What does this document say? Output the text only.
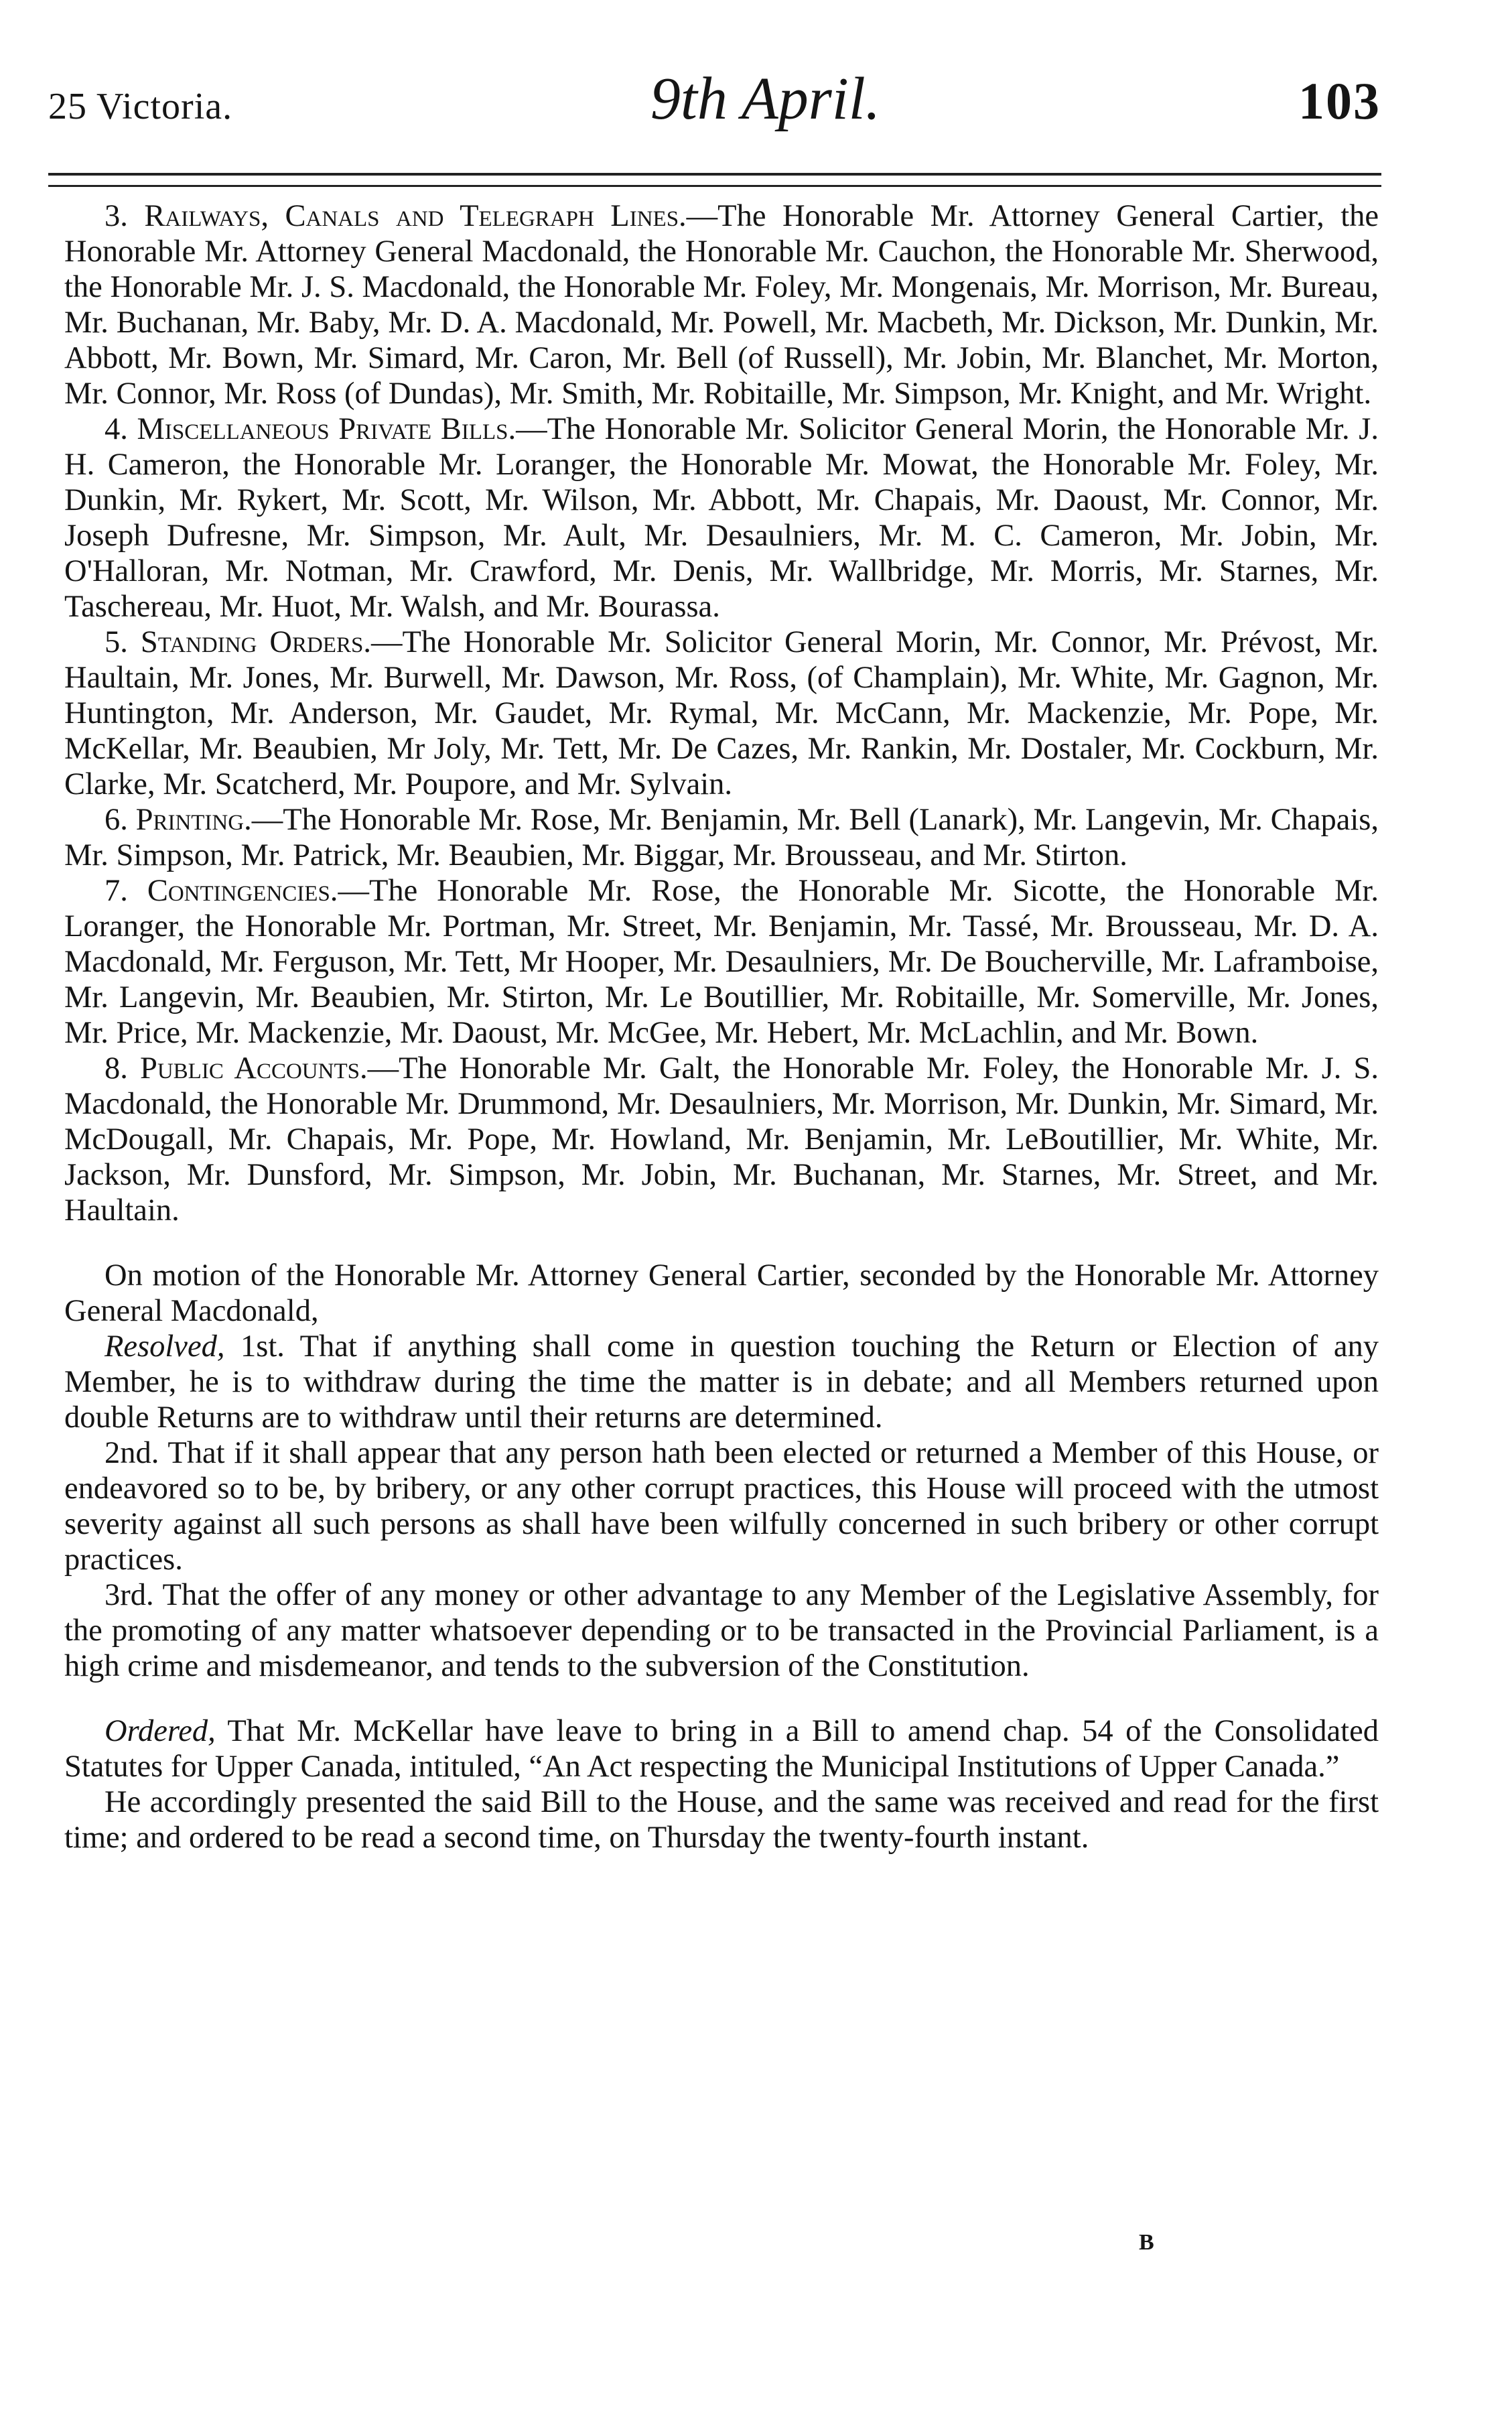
25 Victoria.	9th April.	103

3. Railways, Canals and Telegraph Lines.—The Honorable Mr. Attorney General Cartier, the Honorable Mr. Attorney General Macdonald, the Honorable Mr. Cauchon, the Honorable Mr. Sherwood, the Honorable Mr. J. S. Macdonald, the Honorable Mr. Foley, Mr. Mongenais, Mr. Morrison, Mr. Bureau, Mr. Buchanan, Mr. Baby, Mr. D. A. Macdonald, Mr. Powell, Mr. Macbeth, Mr. Dickson, Mr. Dunkin, Mr. Abbott, Mr. Bown, Mr. Simard, Mr. Caron, Mr. Bell (of Russell), Mr. Jobin, Mr. Blanchet, Mr. Morton, Mr. Connor, Mr. Ross (of Dundas), Mr. Smith, Mr. Robitaille, Mr. Simpson, Mr. Knight, and Mr. Wright.

4. Miscellaneous Private Bills.—The Honorable Mr. Solicitor General Morin, the Honorable Mr. J. H. Cameron, the Honorable Mr. Loranger, the Honorable Mr. Mowat, the Honorable Mr. Foley, Mr. Dunkin, Mr. Rykert, Mr. Scott, Mr. Wilson, Mr. Abbott, Mr. Chapais, Mr. Daoust, Mr. Connor, Mr. Joseph Dufresne, Mr. Simpson, Mr. Ault, Mr. Desaulniers, Mr. M. C. Cameron, Mr. Jobin, Mr. O'Halloran, Mr. Notman, Mr. Crawford, Mr. Denis, Mr. Wallbridge, Mr. Morris, Mr. Starnes, Mr. Taschereau, Mr. Huot, Mr. Walsh, and Mr. Bourassa.

5. Standing Orders.—The Honorable Mr. Solicitor General Morin, Mr. Connor, Mr. Prévost, Mr. Haultain, Mr. Jones, Mr. Burwell, Mr. Dawson, Mr. Ross, (of Champlain), Mr. White, Mr. Gagnon, Mr. Huntington, Mr. Anderson, Mr. Gaudet, Mr. Rymal, Mr. McCann, Mr. Mackenzie, Mr. Pope, Mr. McKellar, Mr. Beaubien, Mr Joly, Mr. Tett, Mr. De Cazes, Mr. Rankin, Mr. Dostaler, Mr. Cockburn, Mr. Clarke, Mr. Scatcherd, Mr. Poupore, and Mr. Sylvain.

6. Printing.—The Honorable Mr. Rose, Mr. Benjamin, Mr. Bell (Lanark), Mr. Langevin, Mr. Chapais, Mr. Simpson, Mr. Patrick, Mr. Beaubien, Mr. Biggar, Mr. Brousseau, and Mr. Stirton.

7. Contingencies.—The Honorable Mr. Rose, the Honorable Mr. Sicotte, the Honorable Mr. Loranger, the Honorable Mr. Portman, Mr. Street, Mr. Benjamin, Mr. Tassé, Mr. Brousseau, Mr. D. A. Macdonald, Mr. Ferguson, Mr. Tett, Mr Hooper, Mr. Desaulniers, Mr. De Boucherville, Mr. Laframboise, Mr. Langevin, Mr. Beaubien, Mr. Stirton, Mr. Le Boutillier, Mr. Robitaille, Mr. Somerville, Mr. Jones, Mr. Price, Mr. Mackenzie, Mr. Daoust, Mr. McGee, Mr. Hebert, Mr. McLachlin, and Mr. Bown.

8. Public Accounts.—The Honorable Mr. Galt, the Honorable Mr. Foley, the Honorable Mr. J. S. Macdonald, the Honorable Mr. Drummond, Mr. Desaulniers, Mr. Morrison, Mr. Dunkin, Mr. Simard, Mr. McDougall, Mr. Chapais, Mr. Pope, Mr. Howland, Mr. Benjamin, Mr. LeBoutillier, Mr. White, Mr. Jackson, Mr. Dunsford, Mr. Simpson, Mr. Jobin, Mr. Buchanan, Mr. Starnes, Mr. Street, and Mr. Haultain.

On motion of the Honorable Mr. Attorney General Cartier, seconded by the Honorable Mr. Attorney General Macdonald,

Resolved, 1st. That if anything shall come in question touching the Return or Election of any Member, he is to withdraw during the time the matter is in debate; and all Members returned upon double Returns are to withdraw until their returns are determined.

2nd. That if it shall appear that any person hath been elected or returned a Member of this House, or endeavored so to be, by bribery, or any other corrupt practices, this House will proceed with the utmost severity against all such persons as shall have been wilfully concerned in such bribery or other corrupt practices.

3rd. That the offer of any money or other advantage to any Member of the Legislative Assembly, for the promoting of any matter whatsoever depending or to be transacted in the Provincial Parliament, is a high crime and misdemeanor, and tends to the subversion of the Constitution.

Ordered, That Mr. McKellar have leave to bring in a Bill to amend chap. 54 of the Consolidated Statutes for Upper Canada, intituled, “An Act respecting the Municipal Institutions of Upper Canada.”

He accordingly presented the said Bill to the House, and the same was received and read for the first time; and ordered to be read a second time, on Thursday the twenty-fourth instant.

B
